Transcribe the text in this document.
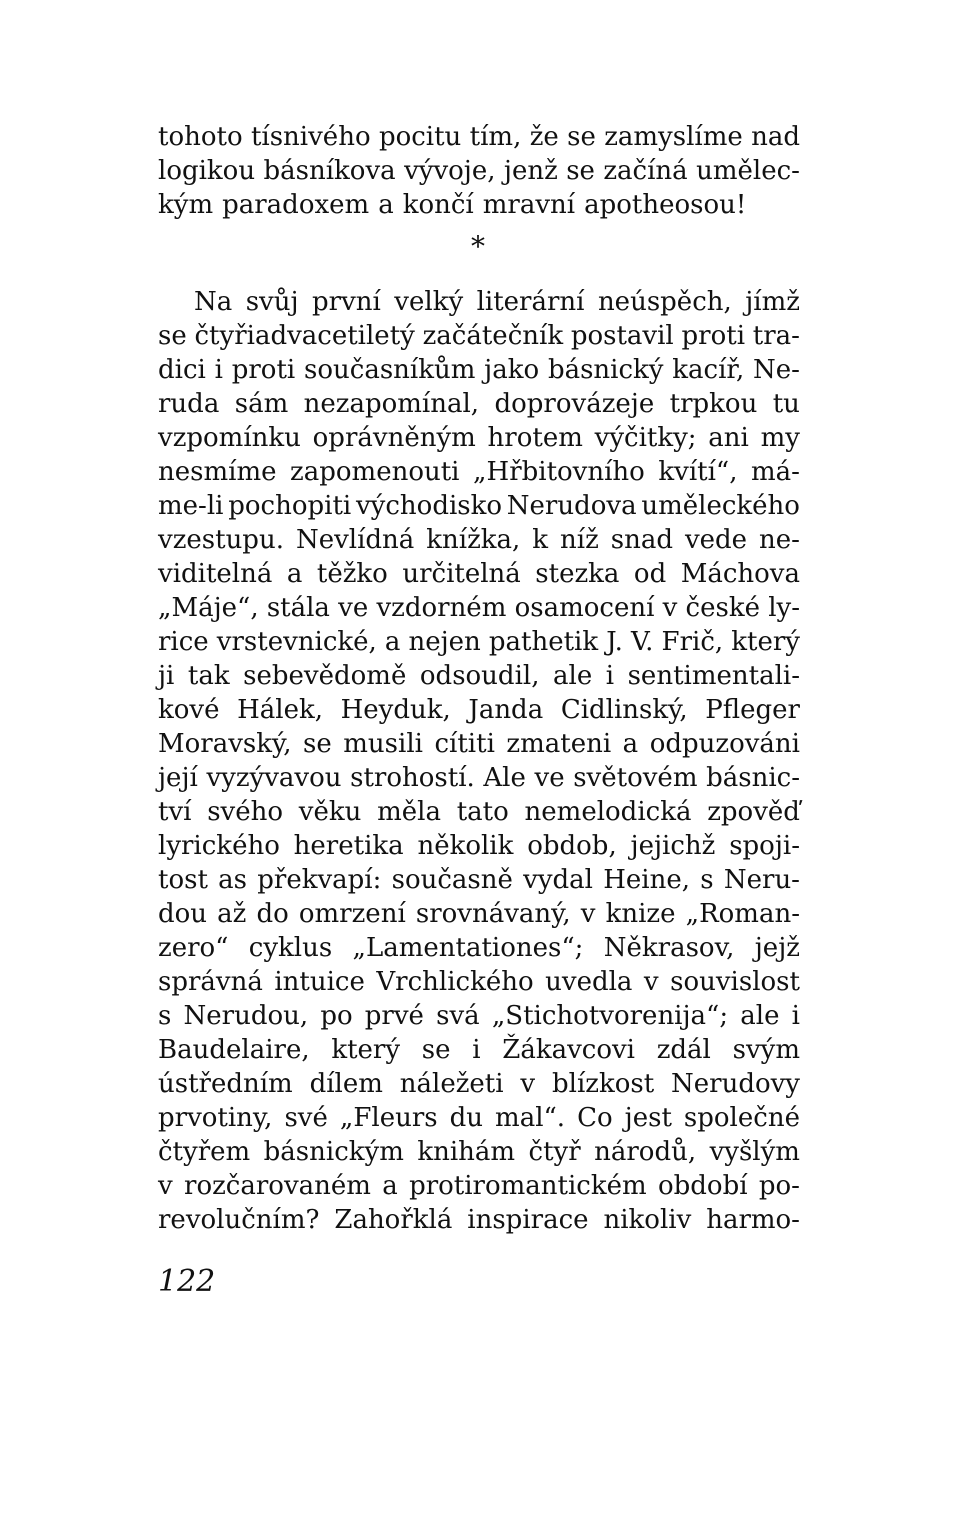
tohoto tísnivého pocitu tím, že se zamyslíme nad
logikou básníkova vývoje, jenž se začíná umělec-
kým paradoxem a končí mravní apotheosou!
*
Na svůj první velký literární neúspěch, jímž
se čtyřiadvacetiletý začátečník postavil proti tra-
dici i proti současníkům jako básnický kacíř, Ne-
ruda sám nezapomínal, doprovázeje trpkou tu
vzpomínku oprávněným hrotem výčitky; ani my
nesmíme zapomenouti „Hřbitovního kvítí“, má-
me-li pochopiti východisko Nerudova uměleckého
vzestupu. Nevlídná knížka, k níž snad vede ne-
viditelná a těžko určitelná stezka od Máchova
„Máje“, stála ve vzdorném osamocení v české ly-
rice vrstevnické, a nejen pathetik J. V. Frič, který
ji tak sebevědomě odsoudil, ale i sentimentali-
kové Hálek, Heyduk, Janda Cidlinský, Pfleger
Moravský, se musili cítiti zmateni a odpuzováni
její vyzývavou strohostí. Ale ve světovém básnic-
tví svého věku měla tato nemelodická zpověď
lyrického heretika několik obdob, jejichž spoji-
tost as překvapí: současně vydal Heine, s Neru-
dou až do omrzení srovnávaný, v knize „Roman-
zero“ cyklus „Lamentationes“; Někrasov, jejž
správná intuice Vrchlického uvedla v souvislost
s Nerudou, po prvé svá „Stichotvorenija“; ale i
Baudelaire, který se i Žákavcovi zdál svým
ústředním dílem náležeti v blízkost Nerudovy
prvotiny, své „Fleurs du mal“. Co jest společné
čtyřem básnickým knihám čtyř národů, vyšlým
v rozčarovaném a protiromantickém období po-
revolučním? Zahořklá inspirace nikoliv harmo-
122
